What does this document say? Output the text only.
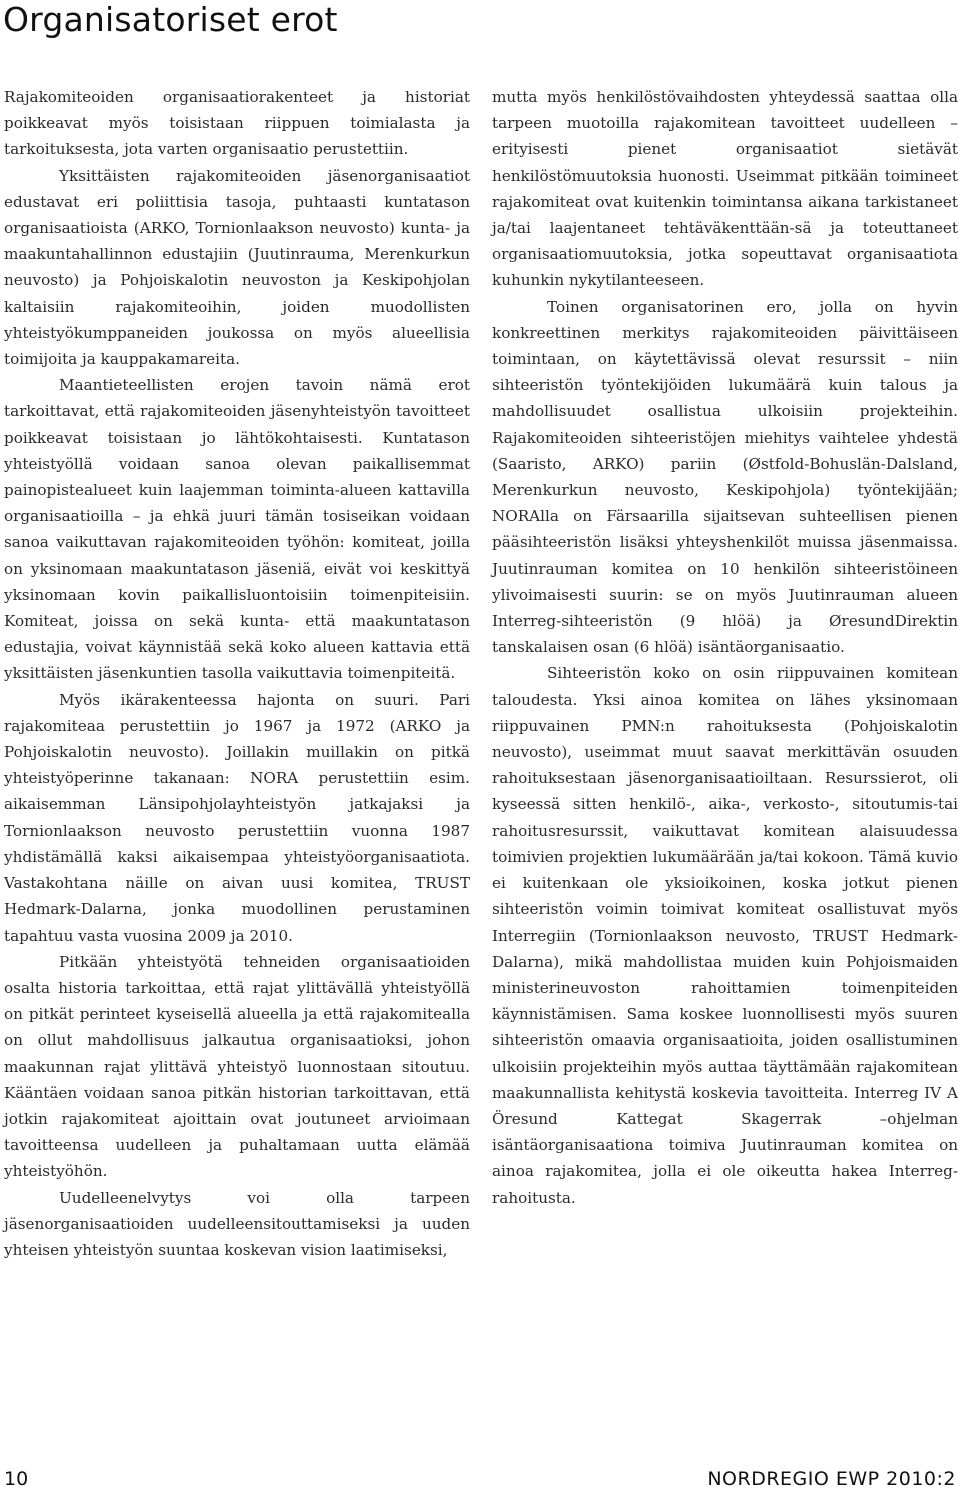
Organisatoriset erot

Rajakomiteoiden organisaatiorakenteet ja historiat poikkeavat myös toisistaan riippuen toimialasta ja tarkoituksesta, jota varten organisaatio perustettiin.

Yksittäisten rajakomiteoiden jäsenorganisaatiot edustavat eri poliittisia tasoja, puhtaasti kuntatason organisaatioista (ARKO, Tornionlaakson neuvosto) kunta- ja maakuntahallinnon edustajiin (Juutinrauma, Merenkurkun neuvosto) ja Pohjoiskalotin neuvoston ja Keskipohjolan kaltaisiin rajakomiteoihin, joiden muodollisten yhteistyökumppaneiden joukossa on myös alueellisia toimijoita ja kauppakamareita.

Maantieteellisten erojen tavoin nämä erot tarkoittavat, että rajakomiteoiden jäsenyhteistyön tavoitteet poikkeavat toisistaan jo lähtökohtaisesti. Kuntatason yhteistyöllä voidaan sanoa olevan paikallisemmat painopistealueet kuin laajemman toiminta-alueen kattavilla organisaatioilla – ja ehkä juuri tämän tosiseikan voidaan sanoa vaikuttavan rajakomiteoiden työhön: komiteat, joilla on yksinomaan maakuntatason jäseniä, eivät voi keskittyä yksinomaan kovin paikallisluontoisiin toimenpiteisiin. Komiteat, joissa on sekä kunta- että maakuntatason edustajia, voivat käynnistää sekä koko alueen kattavia että yksittäisten jäsenkuntien tasolla vaikuttavia toimenpiteitä.

Myös ikärakenteessa hajonta on suuri. Pari rajakomiteaa perustettiin jo 1967 ja 1972 (ARKO ja Pohjoiskalotin neuvosto). Joillakin muillakin on pitkä yhteistyöperinne takanaan: NORA perustettiin esim. aikaisemman Länsipohjolayhteistyön jatkajaksi ja Tornionlaakson neuvosto perustettiin vuonna 1987 yhdistämällä kaksi aikaisempaa yhteistyöorganisaatiota. Vastakohtana näille on aivan uusi komitea, TRUST Hedmark-Dalarna, jonka muodollinen perustaminen tapahtuu vasta vuosina 2009 ja 2010.

Pitkään yhteistyötä tehneiden organisaatioiden osalta historia tarkoittaa, että rajat ylittävällä yhteistyöllä on pitkät perinteet kyseisellä alueella ja että rajakomitealla on ollut mahdollisuus jalkautua organisaatioksi, johon maakunnan rajat ylittävä yhteistyö luonnostaan sitoutuu. Kääntäen voidaan sanoa pitkän historian tarkoittavan, että jotkin rajakomiteat ajoittain ovat joutuneet arvioimaan tavoitteensa uudelleen ja puhaltamaan uutta elämää yhteistyöhön.

Uudelleenelvytys voi olla tarpeen jäsenorganisaatioiden uudelleensitouttamiseksi ja uuden yhteisen yhteistyön suuntaa koskevan vision laatimiseksi,

mutta myös henkilöstövaihdosten yhteydessä saattaa olla tarpeen muotoilla rajakomitean tavoitteet uudelleen – erityisesti pienet organisaatiot sietävät henkilöstömuutoksia huonosti. Useimmat pitkään toimineet rajakomiteat ovat kuitenkin toimintansa aikana tarkistaneet ja/tai laajentaneet tehtäväkenttään-sä ja toteuttaneet organisaatiomuutoksia, jotka sopeuttavat organisaatiota kuhunkin nykytilanteeseen.

Toinen organisatorinen ero, jolla on hyvin konkreettinen merkitys rajakomiteoiden päivittäiseen toimintaan, on käytettävissä olevat resurssit – niin sihteeristön työntekijöiden lukumäärä kuin talous ja mahdollisuudet osallistua ulkoisiin projekteihin. Rajakomiteoiden sihteeristöjen miehitys vaihtelee yhdestä (Saaristo, ARKO) pariin (Østfold-Bohuslän-Dalsland, Merenkurkun neuvosto, Keskipohjola) työntekijään; NORAlla on Färsaarilla sijaitsevan suhteellisen pienen pääsihteeristön lisäksi yhteyshenkilöt muissa jäsenmaissa. Juutinrauman komitea on 10 henkilön sihteeristöineen ylivoimaisesti suurin: se on myös Juutinrauman alueen Interreg-sihteeristön (9 hlöä) ja ØresundDirektin tanskalaisen osan (6 hlöä) isäntäorganisaatio.

Sihteeristön koko on osin riippuvainen komitean taloudesta. Yksi ainoa komitea on lähes yksinomaan riippuvainen PMN:n rahoituksesta (Pohjoiskalotin neuvosto), useimmat muut saavat merkittävän osuuden rahoituksestaan jäsenorganisaatioiltaan. Resurssierot, oli kyseessä sitten henkilö-, aika-, verkosto-, sitoutumis-tai rahoitusresurssit, vaikuttavat komitean alaisuudessa toimivien projektien lukumäärään ja/tai kokoon. Tämä kuvio ei kuitenkaan ole yksioikoinen, koska jotkut pienen sihteeristön voimin toimivat komiteat osallistuvat myös Interregiin (Tornionlaakson neuvosto, TRUST Hedmark-Dalarna), mikä mahdollistaa muiden kuin Pohjoismaiden ministerineuvoston rahoittamien toimenpiteiden käynnistämisen. Sama koskee luonnollisesti myös suuren sihteeristön omaavia organisaatioita, joiden osallistuminen ulkoisiin projekteihin myös auttaa täyttämään rajakomitean maakunnallista kehitystä koskevia tavoitteita. Interreg IV A Öresund Kattegat Skagerrak –ohjelman isäntäorganisaationa toimiva Juutinrauman komitea on ainoa rajakomitea, jolla ei ole oikeutta hakea Interreg-rahoitusta.

10	NORDREGIO EWP 2010:2
